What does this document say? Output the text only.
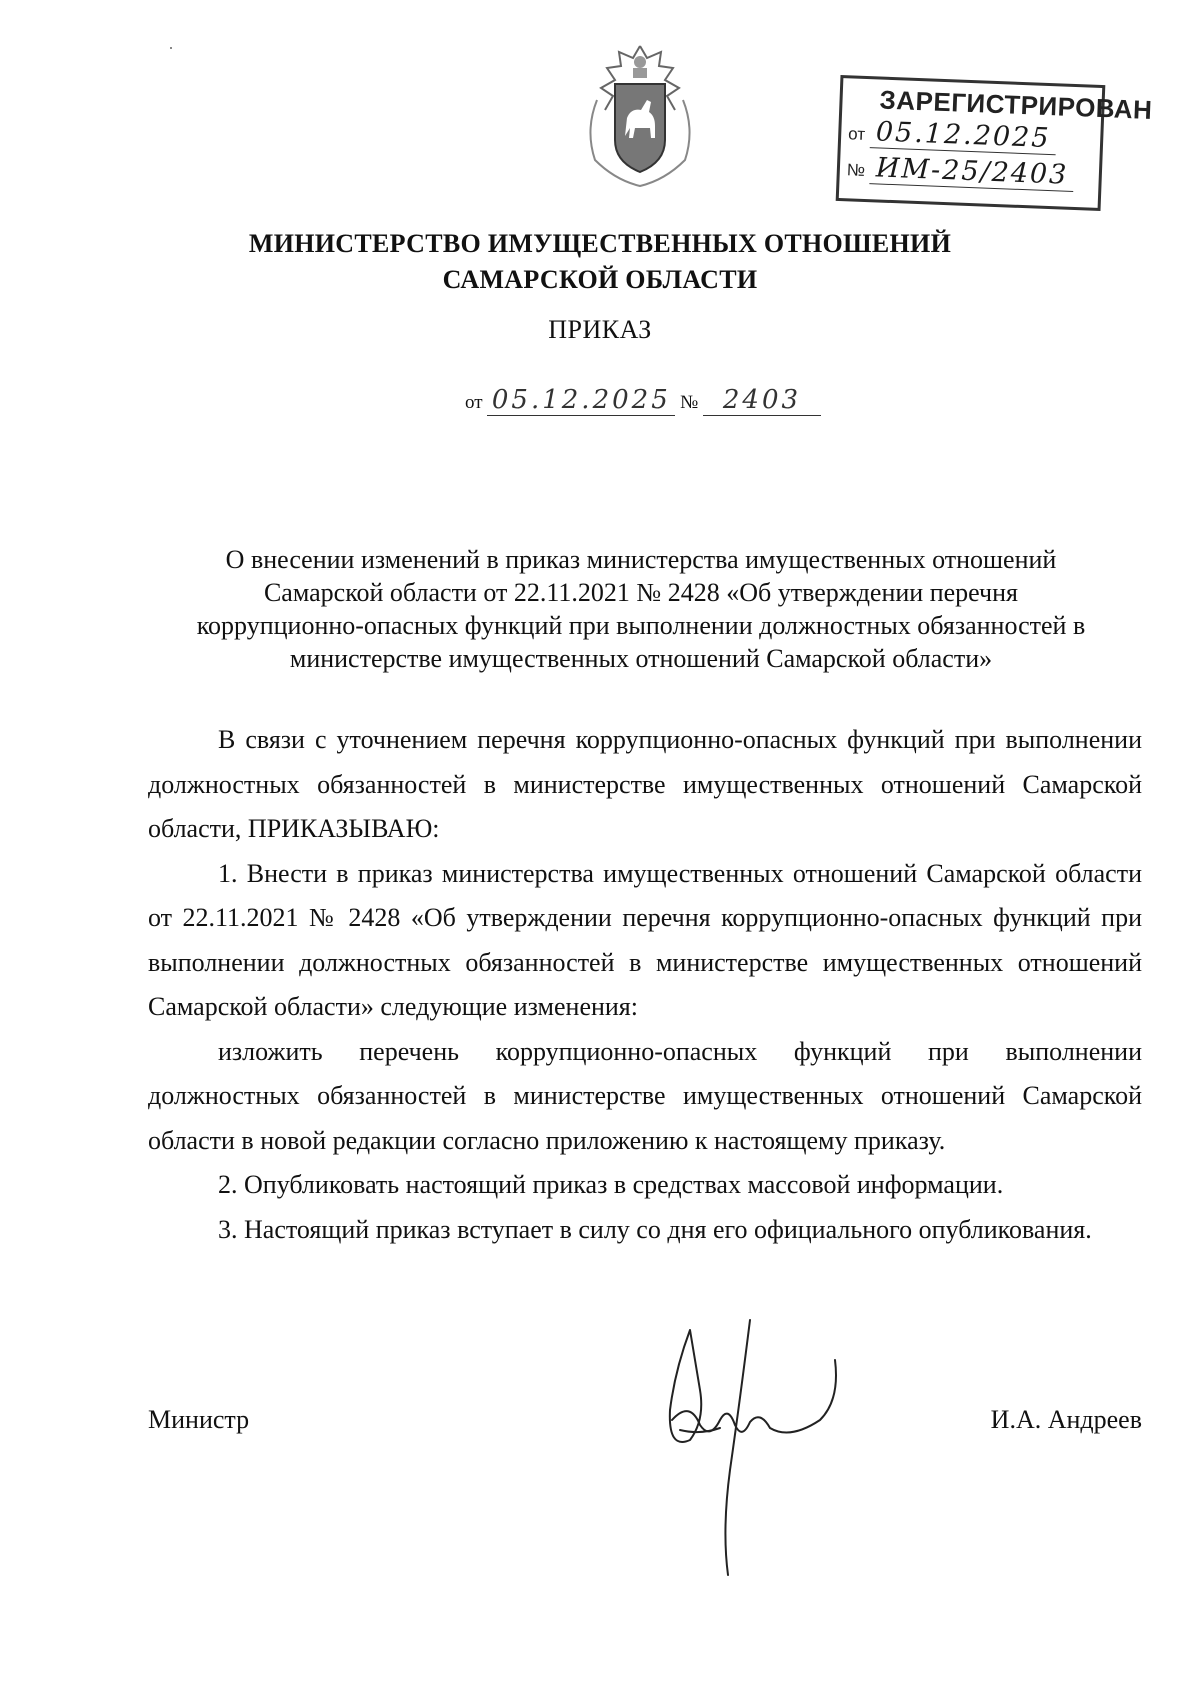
ЗАРЕГИСТРИРОВАН
от 05.12.2025
№ ИМ-25/2403
МИНИСТЕРСТВО ИМУЩЕСТВЕННЫХ ОТНОШЕНИЙ
САМАРСКОЙ ОБЛАСТИ
ПРИКАЗ
от 05.12.2025 № 2403
О внесении изменений в приказ министерства имущественных отношений
Самарской области от 22.11.2021 № 2428 «Об утверждении перечня
коррупционно-опасных функций при выполнении должностных обязанностей в
министерстве имущественных отношений Самарской области»

В связи с уточнением перечня коррупционно-опасных функций при выполнении должностных обязанностей в министерстве имущественных отношений Самарской области, ПРИКАЗЫВАЮ:

1. Внести в приказ министерства имущественных отношений Самарской области от 22.11.2021 № 2428 «Об утверждении перечня коррупционно-опасных функций при выполнении должностных обязанностей в министерстве имущественных отношений Самарской области» следующие изменения:

изложить перечень коррупционно-опасных функций при выполнении должностных обязанностей в министерстве имущественных отношений Самарской области в новой редакции согласно приложению к настоящему приказу.

2. Опубликовать настоящий приказ в средствах массовой информации.

3. Настоящий приказ вступает в силу со дня его официального опубликования.

Министр	И.А. Андреев
